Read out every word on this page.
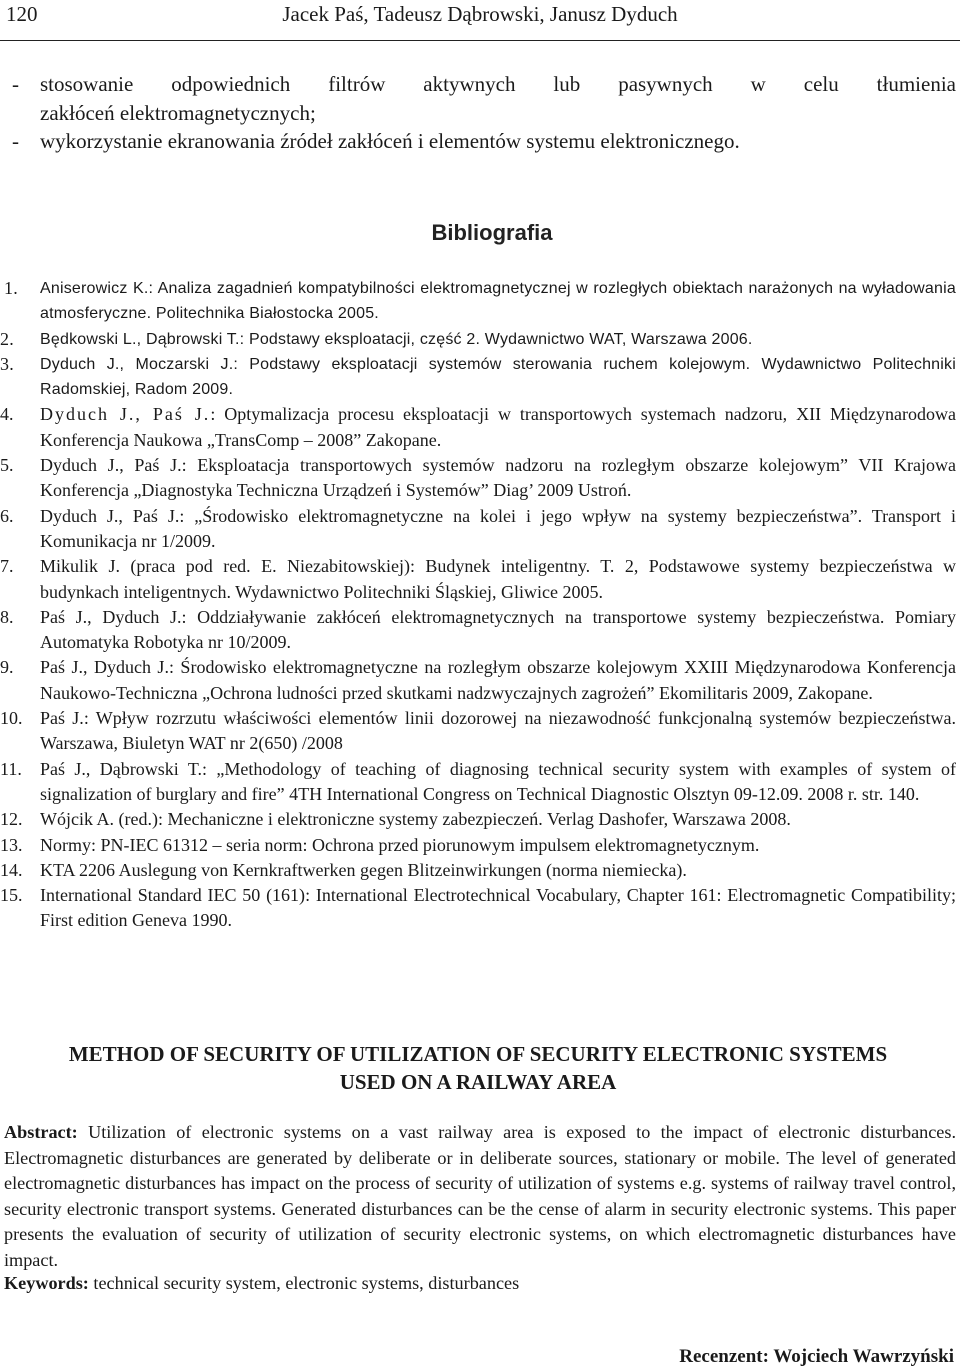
120	Jacek Paś, Tadeusz Dąbrowski, Janusz Dyduch
- stosowanie odpowiednich filtrów aktywnych lub pasywnych w celu tłumienia
zakłóceń elektromagnetycznych;
- wykorzystanie ekranowania źródeł zakłóceń i elementów systemu elektronicznego.
Bibliografia
1.	Aniserowicz K.: Analiza zagadnień kompatybilności elektromagnetycznej w rozległych obiektach narażonych na wyładowania atmosferyczne. Politechnika Białostocka 2005.
2.	Będkowski L., Dąbrowski T.: Podstawy eksploatacji, część 2. Wydawnictwo WAT, Warszawa 2006.
3.	Dyduch J., Moczarski J.: Podstawy eksploatacji systemów sterowania ruchem kolejowym. Wydawnictwo Politechniki Radomskiej, Radom 2009.
4.	Dyduch J., Paś J.: Optymalizacja procesu eksploatacji w transportowych systemach nadzoru, XII Międzynarodowa Konferencja Naukowa „TransComp – 2008” Zakopane.
5.	Dyduch J., Paś J.: Eksploatacja transportowych systemów nadzoru na rozległym obszarze kolejowym” VII Krajowa Konferencja „Diagnostyka Techniczna Urządzeń i Systemów” Diag’ 2009 Ustroń.
6.	Dyduch J., Paś J.: „Środowisko elektromagnetyczne na kolei i jego wpływ na systemy bezpieczeństwa”. Transport i Komunikacja nr 1/2009.
7.	Mikulik J. (praca pod red. E. Niezabitowskiej): Budynek inteligentny. T. 2, Podstawowe systemy bezpieczeństwa w budynkach inteligentnych. Wydawnictwo Politechniki Śląskiej, Gliwice 2005.
8.	Paś J., Dyduch J.: Oddziaływanie zakłóceń elektromagnetycznych na transportowe systemy bezpieczeństwa. Pomiary Automatyka Robotyka nr 10/2009.
9.	Paś J., Dyduch J.: Środowisko elektromagnetyczne na rozległym obszarze kolejowym XXIII Międzynarodowa Konferencja Naukowo-Techniczna „Ochrona ludności przed skutkami nadzwyczajnych zagrożeń” Ekomilitaris 2009, Zakopane.
10. Paś J.: Wpływ rozrzutu właściwości elementów linii dozorowej na niezawodność funkcjonalną systemów bezpieczeństwa. Warszawa, Biuletyn WAT nr 2(650) /2008
11.	Paś J., Dąbrowski T.: „Methodology of teaching of diagnosing technical security system with examples of system of signalization of burglary and fire” 4TH International Congress on Technical Diagnostic Olsztyn 09-12.09. 2008 r. str. 140.
12. Wójcik A. (red.): Mechaniczne i elektroniczne systemy zabezpieczeń. Verlag Dashofer, Warszawa 2008.
13. Normy: PN-IEC 61312 – seria norm: Ochrona przed piorunowym impulsem elektromagnetycznym.
14. KTA 2206 Auslegung von Kernkraftwerken gegen Blitzeinwirkungen (norma niemiecka).
15. International Standard IEC 50 (161): International Electrotechnical Vocabulary, Chapter 161: Electromagnetic Compatibility; First edition Geneva 1990.
METHOD OF SECURITY OF UTILIZATION OF SECURITY ELECTRONIC SYSTEMS
USED ON A RAILWAY AREA
Abstract: Utilization of electronic systems on a vast railway area is exposed to the impact of electronic disturbances. Electromagnetic disturbances are generated by deliberate or in deliberate sources, stationary or mobile. The level of generated electromagnetic disturbances has impact on the process of security of utilization of systems e.g. systems of railway travel control, security electronic transport systems. Generated disturbances can be the cense of alarm in security electronic systems. This paper presents the evaluation of security of utilization of security electronic systems, on which electromagnetic disturbances have impact.
Keywords: technical security system, electronic systems, disturbances
Recenzent: Wojciech Wawrzyński
